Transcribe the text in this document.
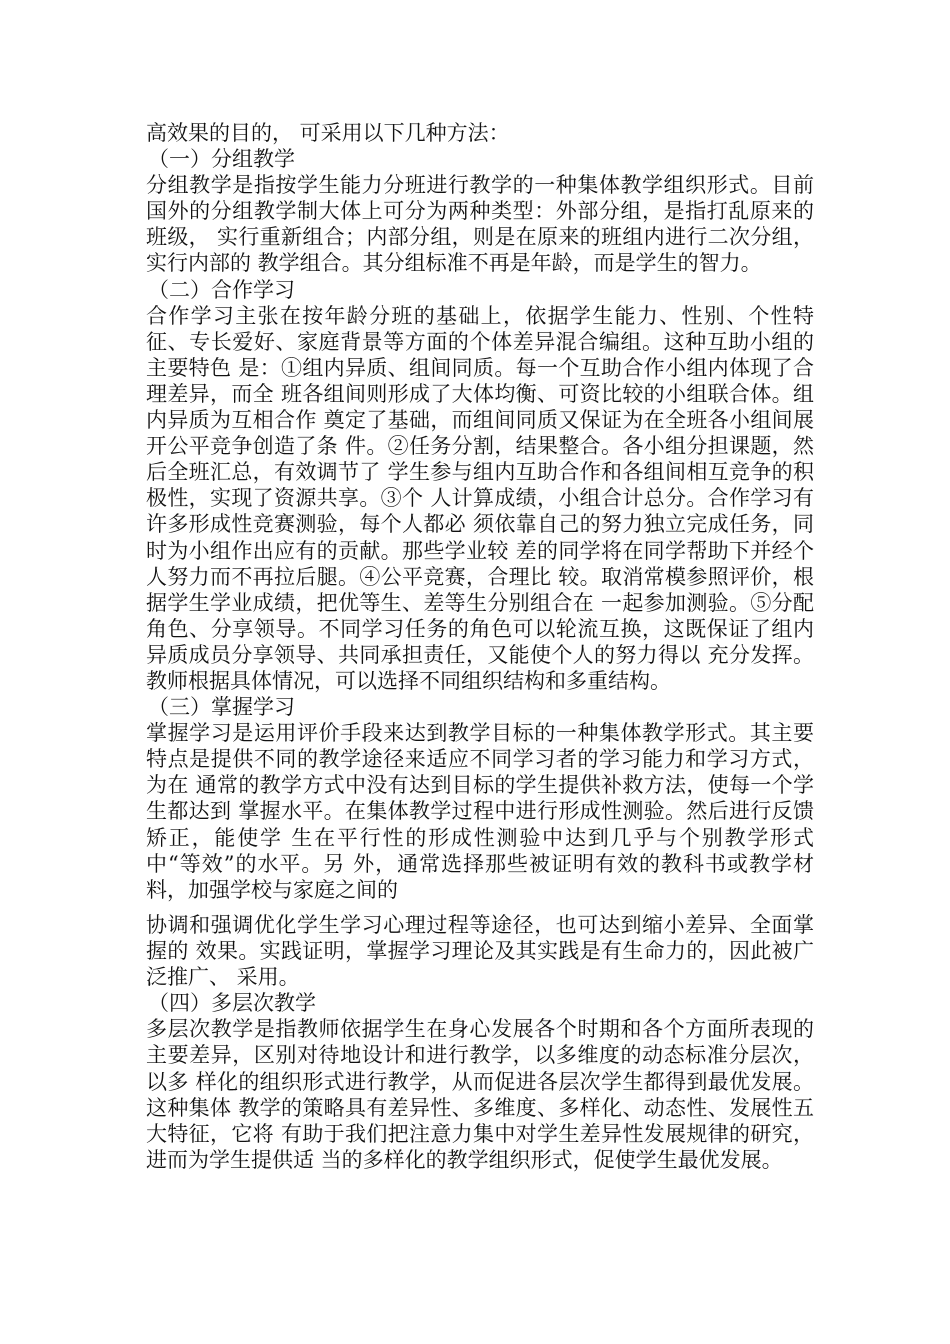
高效果的目的， 可采用以下几种方法：

（一）分组教学

分组教学是指按学生能力分班进行教学的一种集体教学组织形式。目前 国外的分组教学制大体上可分为两种类型：外部分组，是指打乱原来的班级， 实行重新组合；内部分组，则是在原来的班组内进行二次分组，实行内部的 教学组合。其分组标准不再是年龄，而是学生的智力。

（二）合作学习

合作学习主张在按年龄分班的基础上，依据学生能力、性别、个性特征、专长爱好、家庭背景等方面的个体差异混合编组。这种互助小组的主要特色 是：①组内异质、组间同质。每一个互助合作小组内体现了合理差异，而全 班各组间则形成了大体均衡、可资比较的小组联合体。组内异质为互相合作 奠定了基础，而组间同质又保证为在全班各小组间展开公平竞争创造了条 件。②任务分割，结果整合。各小组分担课题，然后全班汇总，有效调节了 学生参与组内互助合作和各组间相互竞争的积极性，实现了资源共享。③个 人计算成绩，小组合计总分。合作学习有许多形成性竞赛测验，每个人都必 须依靠自己的努力独立完成任务，同时为小组作出应有的贡献。那些学业较 差的同学将在同学帮助下并经个人努力而不再拉后腿。④公平竞赛，合理比 较。取消常模参照评价，根据学生学业成绩，把优等生、差等生分别组合在 一起参加测验。⑤分配角色、分享领导。不同学习任务的角色可以轮流互换，这既保证了组内异质成员分享领导、共同承担责任，又能使个人的努力得以 充分发挥。教师根据具体情况，可以选择不同组织结构和多重结构。

（三）掌握学习

掌握学习是运用评价手段来达到教学目标的一种集体教学形式。其主要 特点是提供不同的教学途径来适应不同学习者的学习能力和学习方式，为在 通常的教学方式中没有达到目标的学生提供补救方法，使每一个学生都达到 掌握水平。在集体教学过程中进行形成性测验。然后进行反馈矫正，能使学 生在平行性的形成性测验中达到几乎与个别教学形式中“等效”的水平。另 外，通常选择那些被证明有效的教科书或教学材料，加强学校与家庭之间的

协调和强调优化学生学习心理过程等途径，也可达到缩小差异、全面掌握的 效果。实践证明，掌握学习理论及其实践是有生命力的，因此被广泛推广、 采用。

（四）多层次教学

多层次教学是指教师依据学生在身心发展各个时期和各个方面所表现的 主要差异，区别对待地设计和进行教学，以多维度的动态标准分层次，以多 样化的组织形式进行教学，从而促进各层次学生都得到最优发展。这种集体 教学的策略具有差异性、多维度、多样化、动态性、发展性五大特征，它将 有助于我们把注意力集中对学生差异性发展规律的研究，进而为学生提供适 当的多样化的教学组织形式，促使学生最优发展。
